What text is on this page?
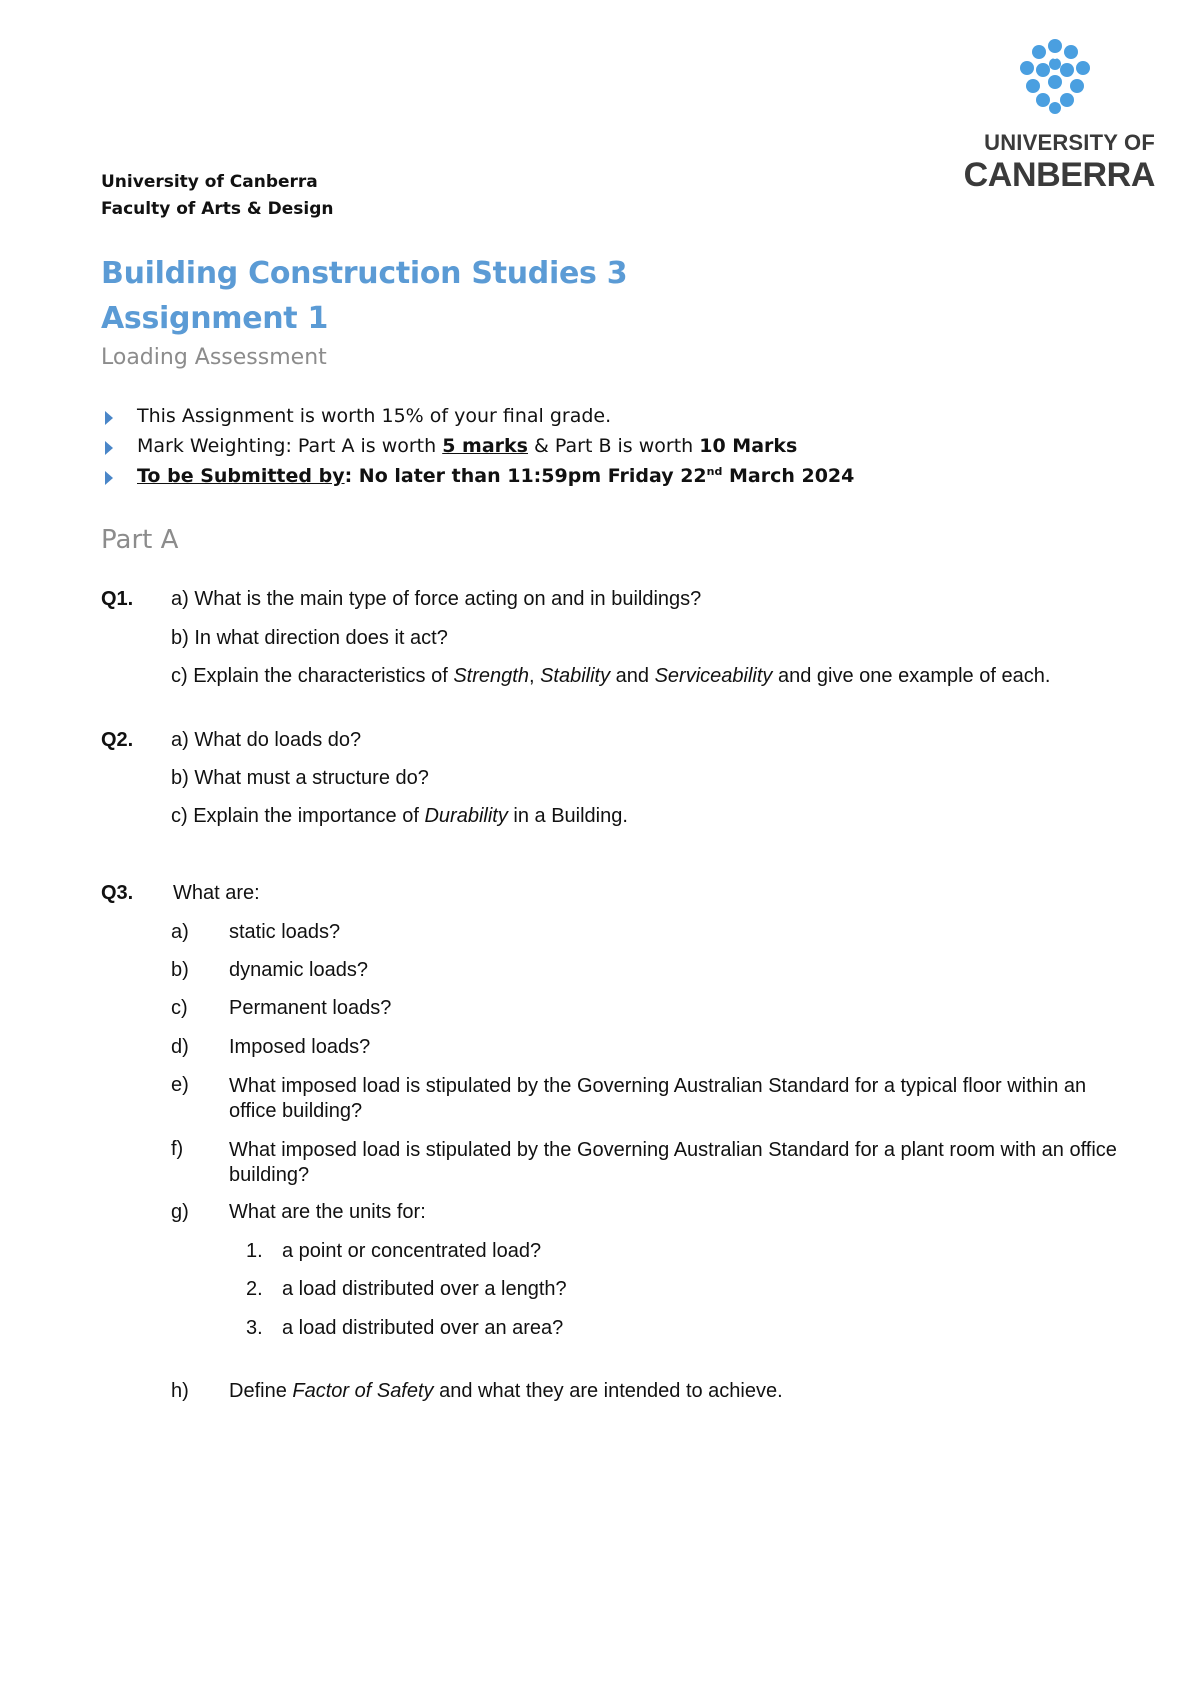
UNIVERSITY OF
CANBERRA
University of Canberra
Faculty of Arts & Design
Building Construction Studies 3
Assignment 1
Loading Assessment
This Assignment is worth 15% of your final grade.
Mark Weighting: Part A is worth 5 marks & Part B is worth 10 Marks
To be Submitted by: No later than 11:59pm Friday 22nd March 2024
Part A
Q1. a) What is the main type of force acting on and in buildings?
b) In what direction does it act?
c) Explain the characteristics of Strength, Stability and Serviceability and give one example of each.
Q2. a) What do loads do?
b) What must a structure do?
c) Explain the importance of Durability in a Building.
Q3. What are:
a) static loads?
b) dynamic loads?
c) Permanent loads?
d) Imposed loads?
e) What imposed load is stipulated by the Governing Australian Standard for a typical floor within an office building?
f) What imposed load is stipulated by the Governing Australian Standard for a plant room with an office building?
g) What are the units for:
1. a point or concentrated load?
2. a load distributed over a length?
3. a load distributed over an area?
h) Define Factor of Safety and what they are intended to achieve.
